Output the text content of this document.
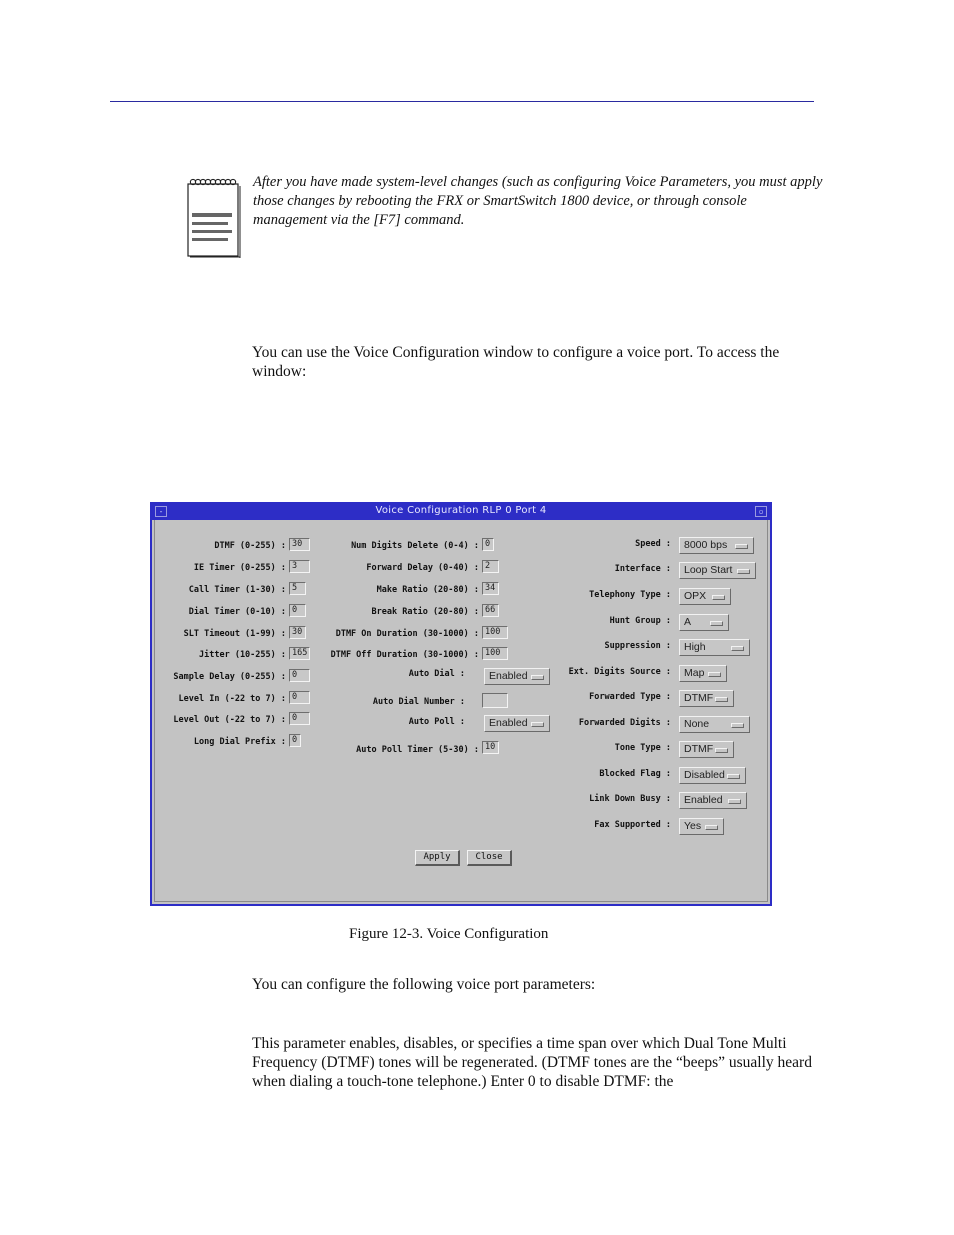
After you have made system-level changes (such as configuring Voice Parameters, you must apply those changes by rebooting the FRX or SmartSwitch 1800 device, or through console management via the [F7] command.
You can use the Voice Configuration window to configure a voice port. To access the window:
‐	Voice Configuration RLP 0 Port 4	▫
DTMF (0-255) : 30
IE Timer (0-255) : 3
Call Timer (1-30) : 5
Dial Timer (0-10) : 0
SLT Timeout (1-99) : 30
Jitter (10-255) : 165
Sample Delay (0-255) : 0
Level In (-22 to 7) : 0
Level Out (-22 to 7) : 0
Long Dial Prefix : 0
Num Digits Delete (0-4) : 0
Forward Delay (0-40) : 2
Make Ratio (20-80) : 34
Break Ratio (20-80) : 66
DTMF On Duration (30-1000) : 100
DTMF Off Duration (30-1000) : 100
Auto Dial :	Enabled
Auto Dial Number :
Auto Poll :	Enabled
Auto Poll Timer (5-30) : 10
Speed :	8000 bps
Interface :	Loop Start
Telephony Type :	OPX
Hunt Group :	A
Suppression :	High
Ext. Digits Source :	Map
Forwarded Type :	DTMF
Forwarded Digits :	None
Tone Type :	DTMF
Blocked Flag :	Disabled
Link Down Busy :	Enabled
Fax Supported :	Yes
Apply	Close
Figure 12-3. Voice Configuration
You can configure the following voice port parameters:
This parameter enables, disables, or specifies a time span over which Dual Tone Multi Frequency (DTMF) tones will be regenerated. (DTMF tones are the “beeps” usually heard when dialing a touch-tone telephone.) Enter 0 to disable DTMF: the
